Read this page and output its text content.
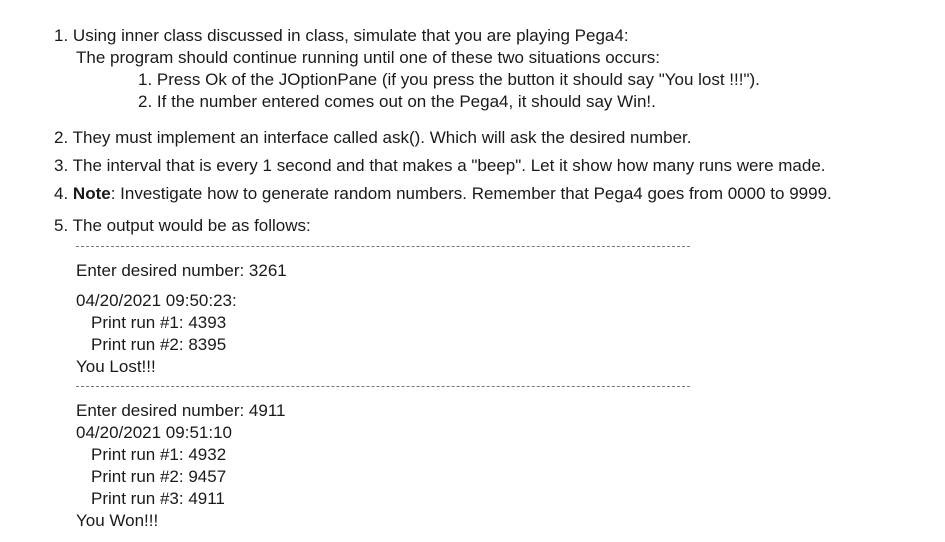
1. Using inner class discussed in class, simulate that you are playing Pega4:
The program should continue running until one of these two situations occurs:
1. Press Ok of the JOptionPane (if you press the button it should say "You lost !!!").
2. If the number entered comes out on the Pega4, it should say Win!.
2. They must implement an interface called ask(). Which will ask the desired number.
3. The interval that is every 1 second and that makes a "beep". Let it show how many runs were made.
4. Note: Investigate how to generate random numbers. Remember that Pega4 goes from 0000 to 9999.
5. The output would be as follows:
Enter desired number: 3261
04/20/2021 09:50:23:
Print run #1: 4393
Print run #2: 8395
You Lost!!!
Enter desired number: 4911
04/20/2021 09:51:10
Print run #1: 4932
Print run #2: 9457
Print run #3: 4911
You Won!!!
